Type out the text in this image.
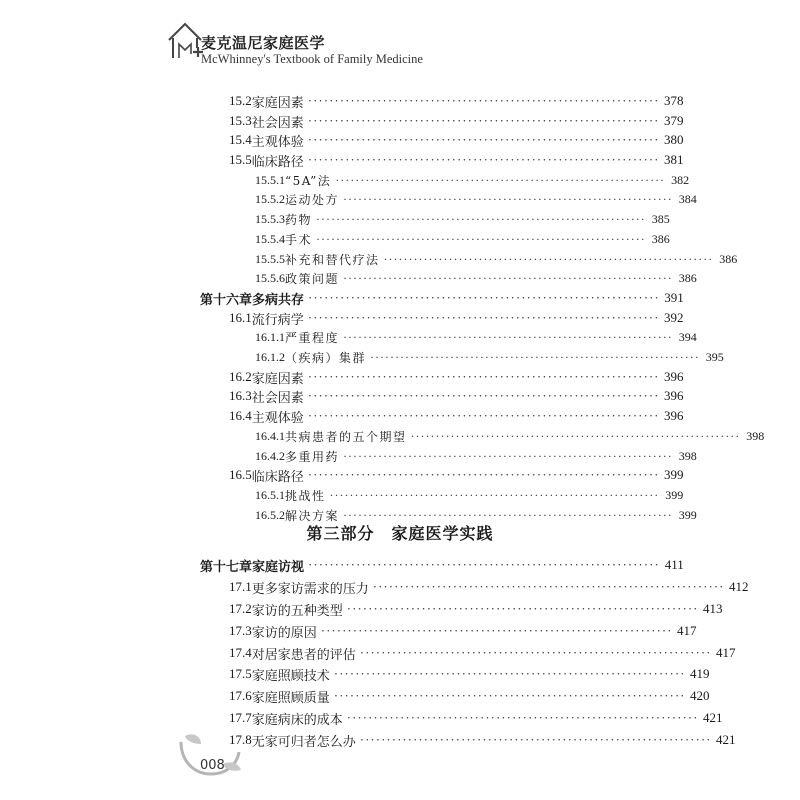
麦克温尼家庭医学
McWhinney's Textbook of Family Medicine
第三部分　家庭医学实践
15.2 家庭因素 ·································································· 378
15.3 社会因素 ·································································· 379
15.4 主观体验 ·································································· 380
15.5 临床路径 ·································································· 381
15.5.1 “5A”法 ·································································· 382
15.5.2 运动处方 ·································································· 384
15.5.3 药物 ·································································· 385
15.5.4 手术 ·································································· 386
15.5.5 补充和替代疗法 ·································································· 386
15.5.6 政策问题 ·································································· 386
第十六章 多病共存 ·································································· 391
16.1 流行病学 ·································································· 392
16.1.1 严重程度 ·································································· 394
16.1.2 （疾病）集群 ·································································· 395
16.2 家庭因素 ·································································· 396
16.3 社会因素 ·································································· 396
16.4 主观体验 ·································································· 396
16.4.1 共病患者的五个期望 ·································································· 398
16.4.2 多重用药 ·································································· 398
16.5 临床路径 ·································································· 399
16.5.1 挑战性 ·································································· 399
16.5.2 解决方案 ·································································· 399
第十七章 家庭访视 ·································································· 411
17.1 更多家访需求的压力 ·································································· 412
17.2 家访的五种类型 ·································································· 413
17.3 家访的原因 ·································································· 417
17.4 对居家患者的评估 ·································································· 417
17.5 家庭照顾技术 ·································································· 419
17.6 家庭照顾质量 ·································································· 420
17.7 家庭病床的成本 ·································································· 421
17.8 无家可归者怎么办 ·································································· 421
008
